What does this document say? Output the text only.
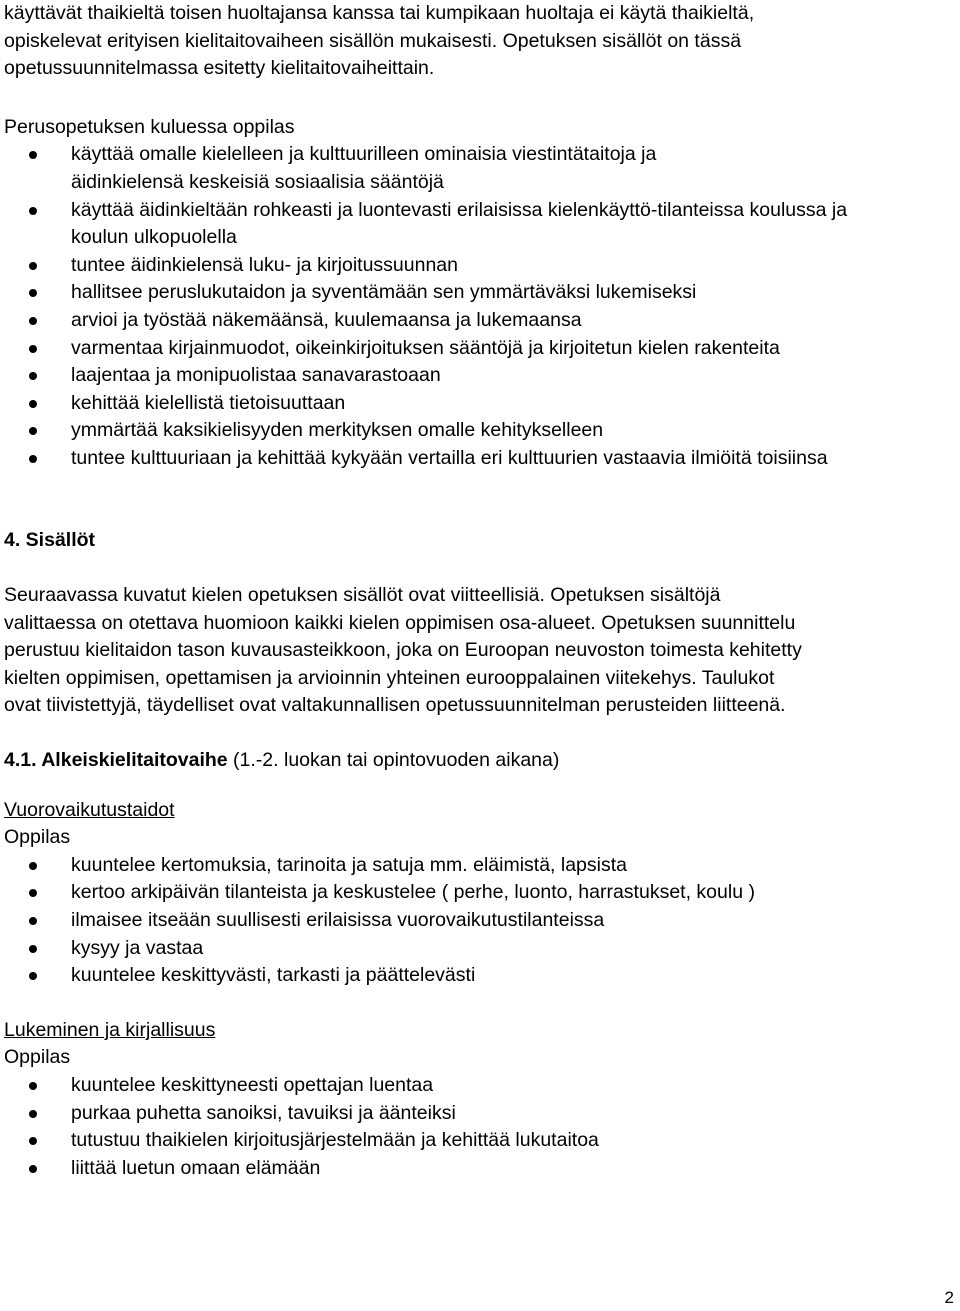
käyttävät thaikieltä toisen huoltajansa kanssa tai kumpikaan huoltaja ei käytä thaikieltä,
opiskelevat erityisen kielitaitovaiheen sisällön mukaisesti. Opetuksen sisällöt on tässä
opetussuunnitelmassa esitetty kielitaitovaiheittain.
Perusopetuksen kuluessa oppilas
käyttää omalle kielelleen ja kulttuurilleen ominaisia viestintätaitoja ja äidinkielensä keskeisiä sosiaalisia sääntöjä
käyttää äidinkieltään rohkeasti ja luontevasti erilaisissa kielenkäyttö-tilanteissa koulussa ja koulun ulkopuolella
tuntee äidinkielensä luku- ja kirjoitussuunnan
hallitsee peruslukutaidon ja syventämään sen ymmärtäväksi lukemiseksi
arvioi ja työstää näkemäänsä, kuulemaansa ja lukemaansa
varmentaa kirjainmuodot, oikeinkirjoituksen sääntöjä ja kirjoitetun kielen rakenteita
laajentaa ja monipuolistaa sanavarastoaan
kehittää kielellistä tietoisuuttaan
ymmärtää kaksikielisyyden merkityksen omalle kehitykselleen
tuntee kulttuuriaan ja kehittää kykyään vertailla eri kulttuurien vastaavia ilmiöitä toisiinsa
4. Sisällöt
Seuraavassa kuvatut kielen opetuksen sisällöt ovat viitteellisiä. Opetuksen sisältöjä
valittaessa on otettava huomioon kaikki kielen oppimisen osa-alueet. Opetuksen suunnittelu
perustuu kielitaidon tason kuvausasteikkoon, joka on Euroopan neuvoston toimesta kehitetty
kielten oppimisen, opettamisen ja arvioinnin yhteinen eurooppalainen viitekehys. Taulukot
ovat tiivistettyjä, täydelliset ovat valtakunnallisen opetussuunnitelman perusteiden liitteenä.
4.1. Alkeiskielitaitovaihe (1.-2. luokan tai opintovuoden aikana)
Vuorovaikutustaidot
Oppilas
kuuntelee kertomuksia, tarinoita ja satuja mm. eläimistä, lapsista
kertoo arkipäivän tilanteista ja keskustelee ( perhe, luonto, harrastukset, koulu )
ilmaisee itseään suullisesti erilaisissa vuorovaikutustilanteissa
kysyy ja vastaa
kuuntelee keskittyvästi, tarkasti ja päättelevästi
Lukeminen ja kirjallisuus
Oppilas
kuuntelee keskittyneesti opettajan luentaa
purkaa puhetta sanoiksi, tavuiksi ja äänteiksi
tutustuu thaikielen kirjoitusjärjestelmään ja kehittää lukutaitoa
liittää luetun omaan elämään
2
